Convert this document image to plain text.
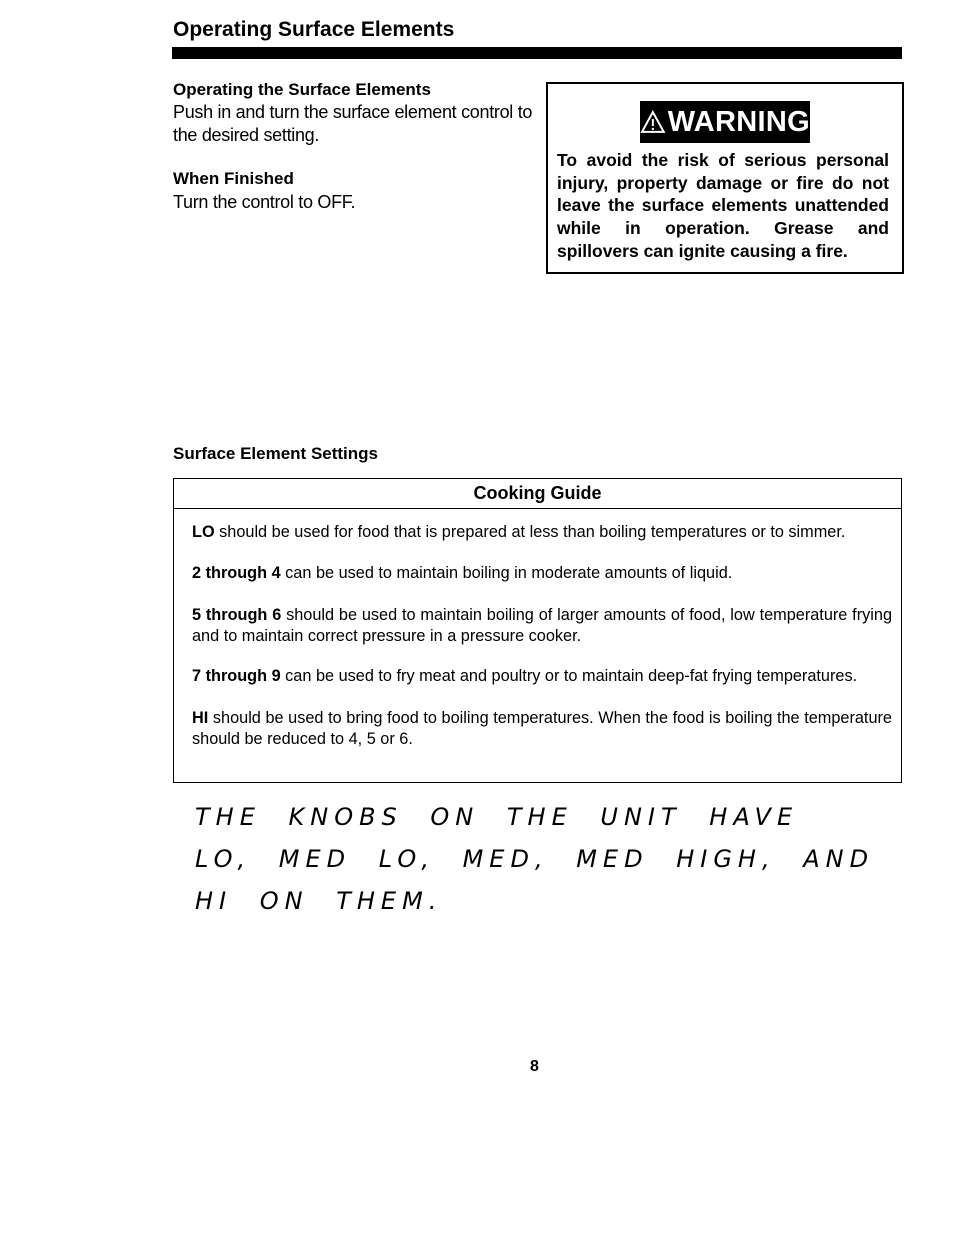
Operating Surface Elements
Operating the Surface Elements
Push in and turn the surface element control to the desired setting.
When Finished
Turn the control to OFF.
WARNING
To avoid the risk of serious personal injury, property damage or fire do not leave the surface elements unattended while in operation. Grease and spillovers can ignite causing a fire.
Surface Element Settings
Cooking Guide
LO should be used for food that is prepared at less than boiling temperatures or to simmer.
2 through 4 can be used to maintain boiling in moderate amounts of liquid.
5 through 6 should be used to maintain boiling of larger amounts of food, low temperature frying and to maintain correct pressure in a pressure cooker.
7 through 9 can be used to fry meat and poultry or to maintain deep-fat frying temperatures.
HI should be used to bring food to boiling temperatures. When the food is boiling the temperature should be reduced to 4, 5 or 6.
THE KNOBS ON THE UNIT HAVE LO, MED LO, MED, MED HIGH, AND HI ON THEM.
8
